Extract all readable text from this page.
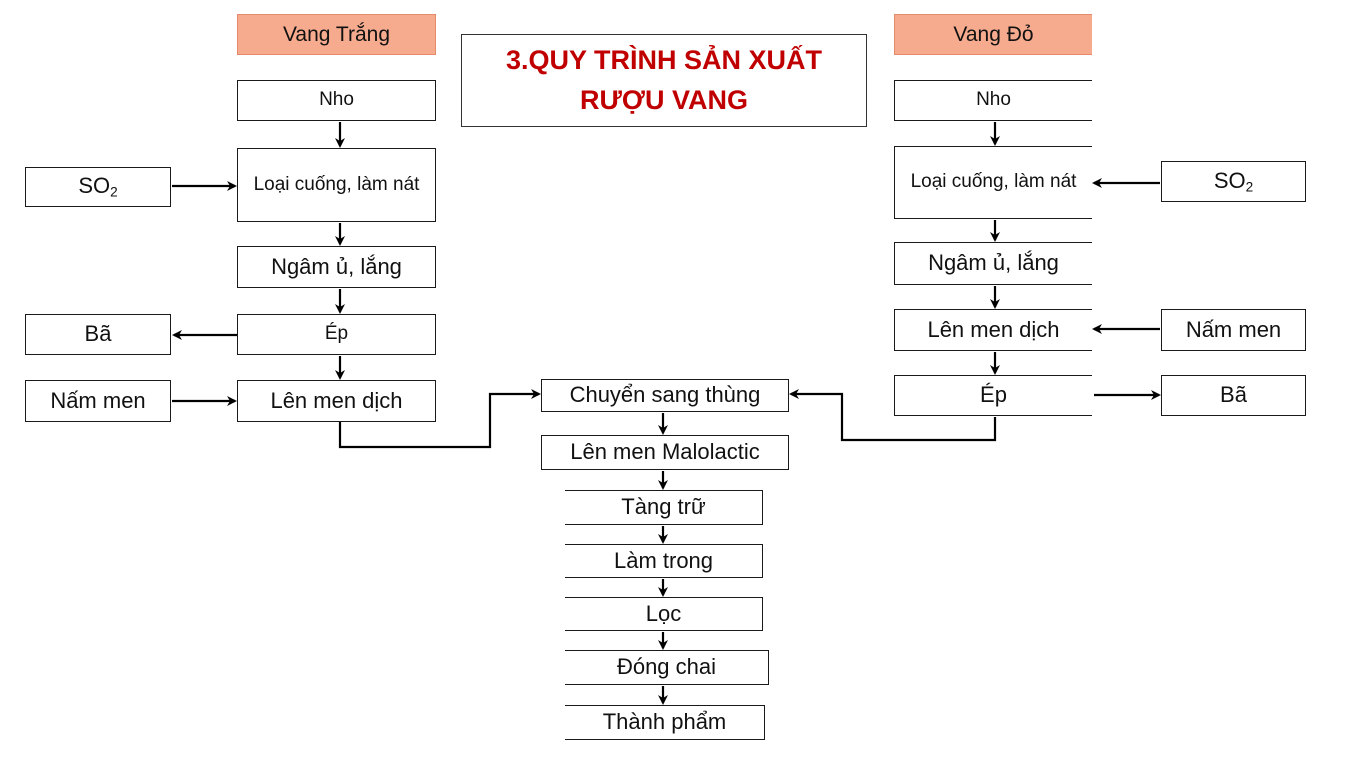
3.QUY TRÌNH SẢN XUẤT
RƯỢU VANG
Vang Trắng
Nho
Loại cuống, làm nát
Ngâm ủ, lắng
Ép
Lên men dịch
$SO_2$
Bã
Nấm men
Vang Đỏ
Nho
Loại cuống, làm nát
Ngâm ủ, lắng
Lên men dịch
Ép
$SO_2$
Nấm men
Bã
Chuyển sang thùng
Lên men Malolactic
Tàng trữ
Làm trong
Lọc
Đóng chai
Thành phẩm
